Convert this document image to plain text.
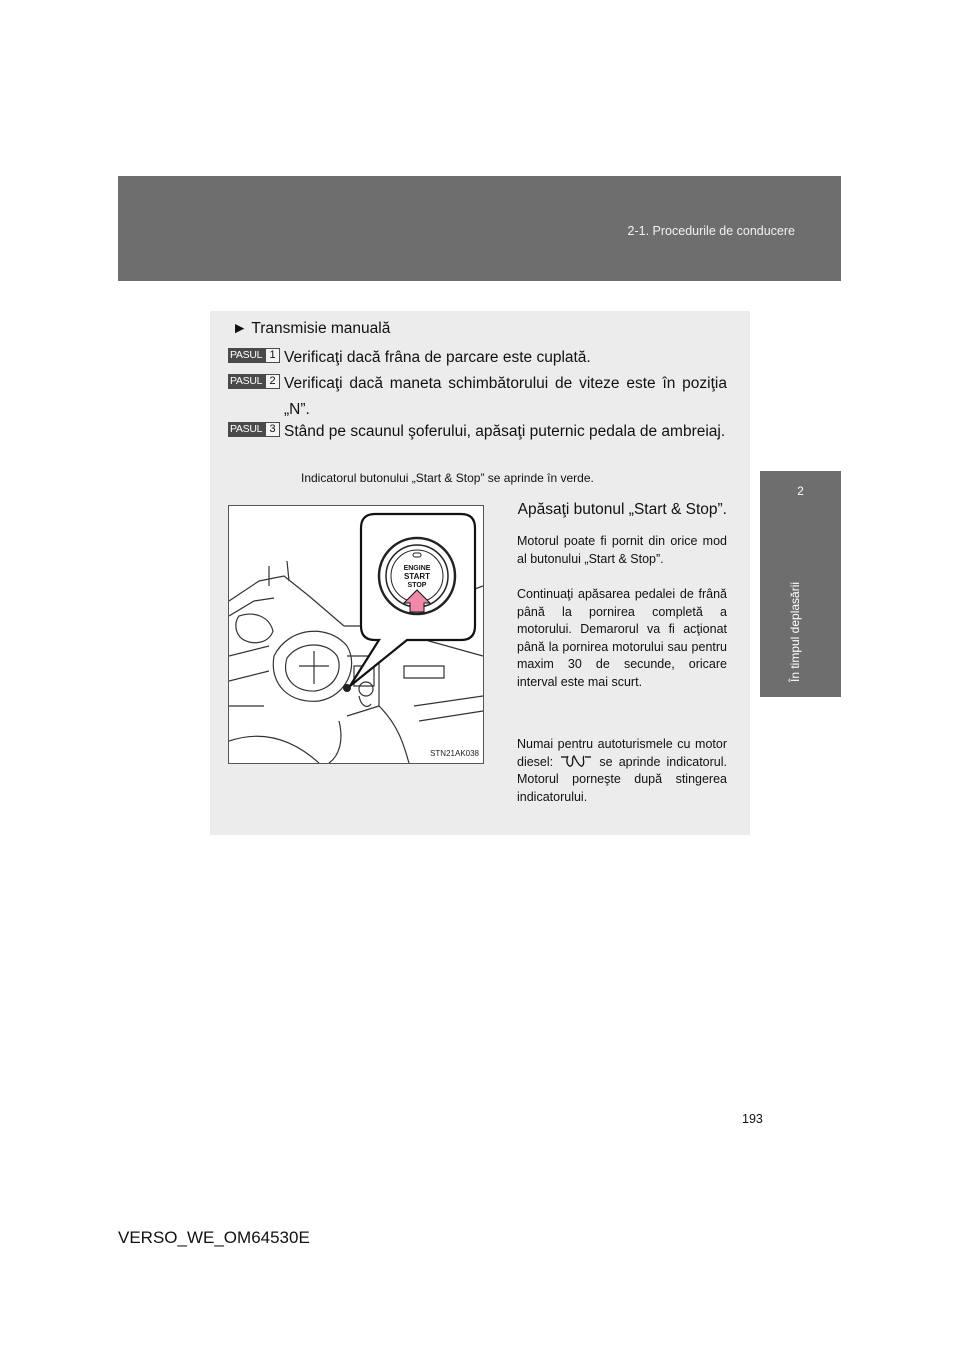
2-1. Procedurile de conducere
2
În timpul deplasării
► Transmisie manuală
PASUL 1 Verificaţi dacă frâna de parcare este cuplată.
PASUL 2 Verificaţi dacă maneta schimbătorului de viteze este în poziţia „N”.
PASUL 3 Stând pe scaunul şoferului, apăsaţi puternic pedala de ambreiaj.
Indicatorul butonului „Start & Stop” se aprinde în verde.
Apăsaţi butonul „Start & Stop”.
Motorul poate fi pornit din orice mod al butonului „Start & Stop”.
Continuaţi apăsarea pedalei de frână până la pornirea completă a motorului. Demarorul va fi acţionat până la pornirea motorului sau pentru maxim 30 de secunde, oricare interval este mai scurt.
Numai pentru autoturismele cu motor diesel:	se aprinde indicatorul. Motorul porneşte după stingerea indicatorului.
ENGINE
START
STOP
STN21AK038
193
VERSO_WE_OM64530E
